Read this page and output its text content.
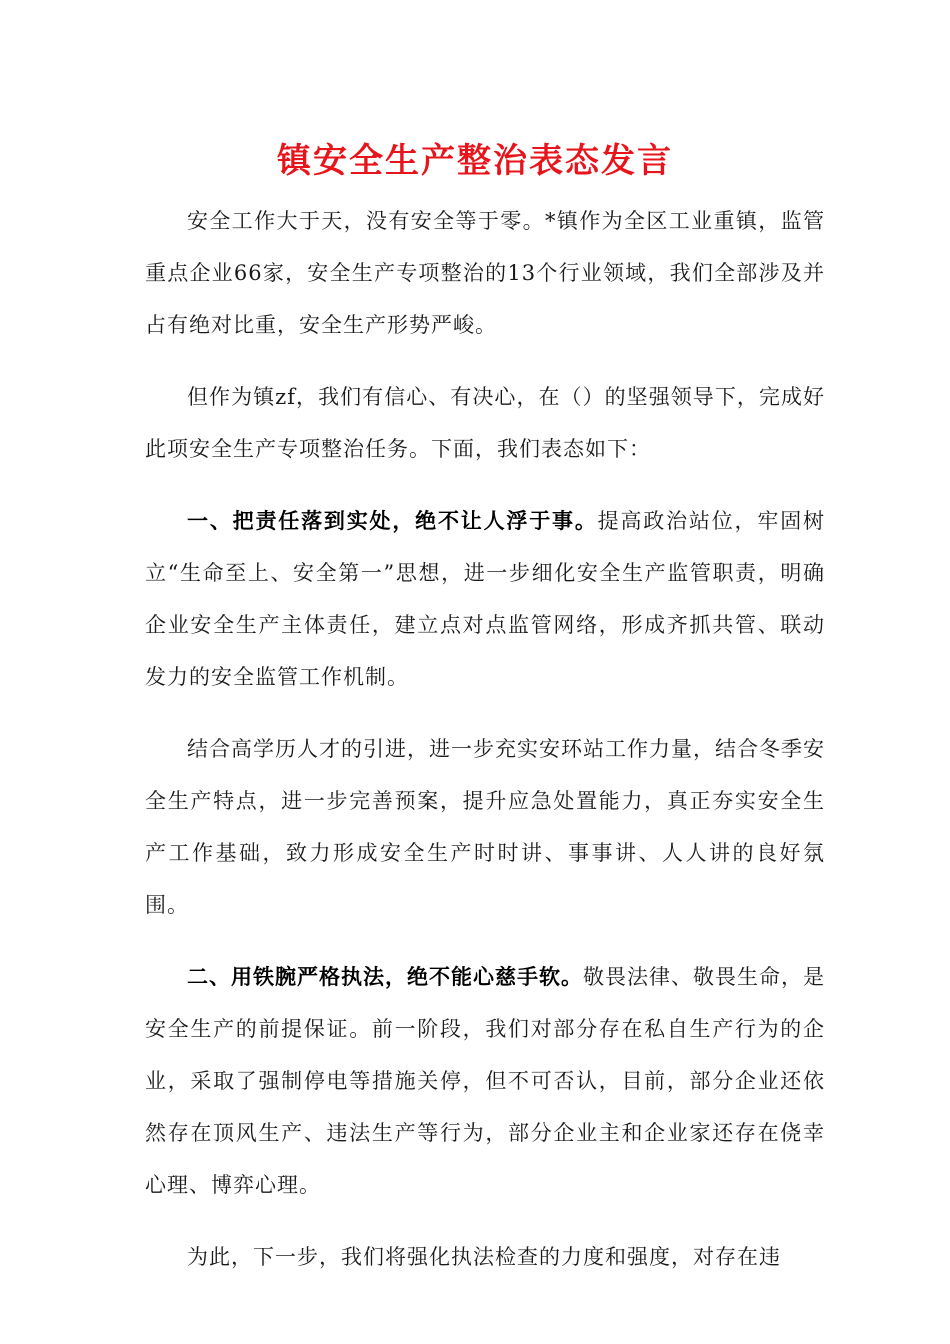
镇安全生产整治表态发言

安全工作大于天，没有安全等于零。*镇作为全区工业重镇，监管重点企业66家，安全生产专项整治的13个行业领域，我们全部涉及并占有绝对比重，安全生产形势严峻。

但作为镇zf，我们有信心、有决心，在（）的坚强领导下，完成好此项安全生产专项整治任务。下面，我们表态如下：

一、把责任落到实处，绝不让人浮于事。提高政治站位，牢固树立“生命至上、安全第一”思想，进一步细化安全生产监管职责，明确企业安全生产主体责任，建立点对点监管网络，形成齐抓共管、联动发力的安全监管工作机制。

结合高学历人才的引进，进一步充实安环站工作力量，结合冬季安全生产特点，进一步完善预案，提升应急处置能力，真正夯实安全生产工作基础，致力形成安全生产时时讲、事事讲、人人讲的良好氛围。

二、用铁腕严格执法，绝不能心慈手软。敬畏法律、敬畏生命，是安全生产的前提保证。前一阶段，我们对部分存在私自生产行为的企业，采取了强制停电等措施关停，但不可否认，目前，部分企业还依然存在顶风生产、违法生产等行为，部分企业主和企业家还存在侥幸心理、博弈心理。

为此，下一步，我们将强化执法检查的力度和强度，对存在违
